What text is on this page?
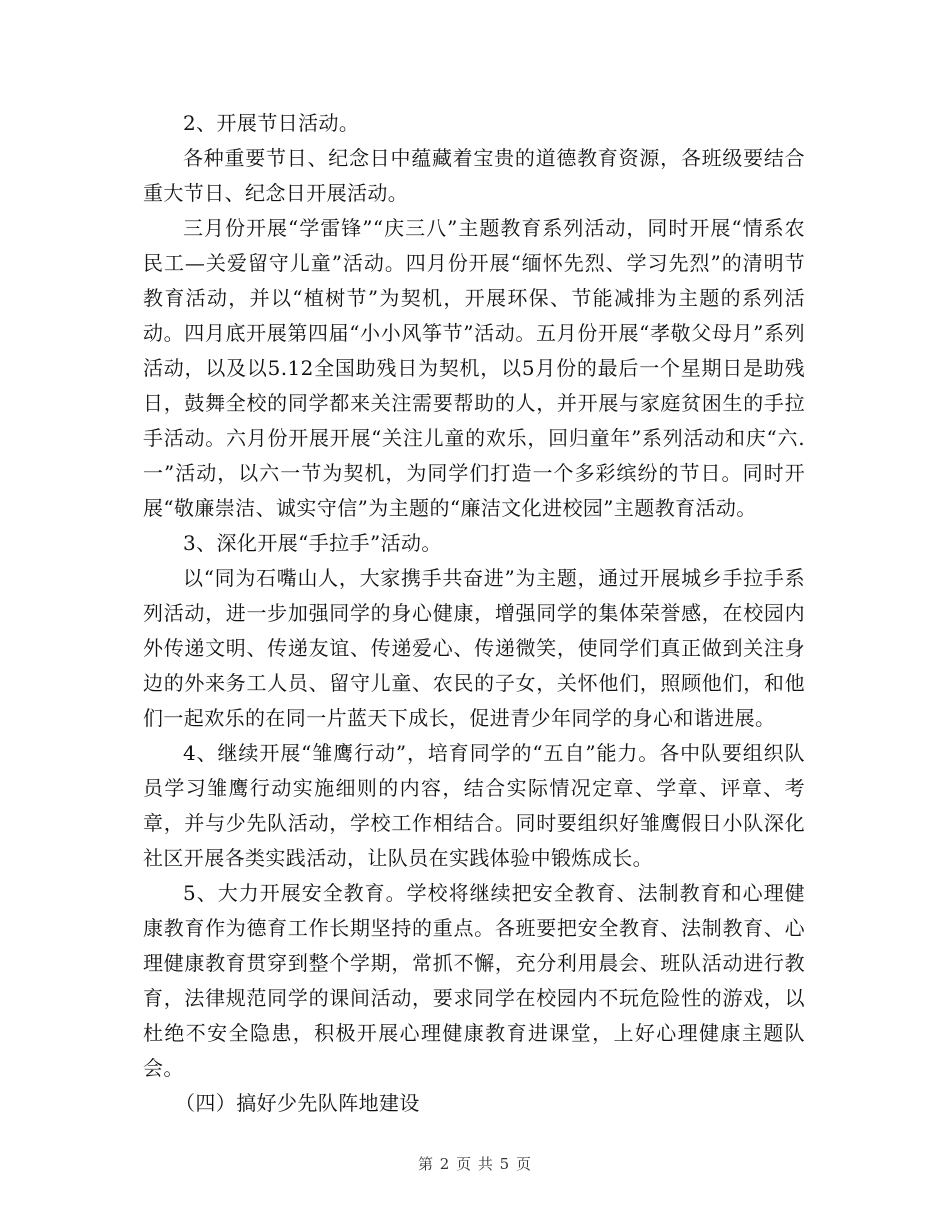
2、开展节日活动。

各种重要节日、纪念日中蕴藏着宝贵的道德教育资源，各班级要结合重大节日、纪念日开展活动。

三月份开展“学雷锋”“庆三八”主题教育系列活动，同时开展“情系农民工—关爱留守儿童”活动。四月份开展“缅怀先烈、学习先烈”的清明节教育活动，并以“植树节”为契机，开展环保、节能减排为主题的系列活动。四月底开展第四届“小小风筝节”活动。五月份开展“孝敬父母月”系列活动，以及以5.12全国助残日为契机，以5月份的最后一个星期日是助残日，鼓舞全校的同学都来关注需要帮助的人，并开展与家庭贫困生的手拉手活动。六月份开展开展“关注儿童的欢乐，回归童年”系列活动和庆“六.一”活动，以六一节为契机，为同学们打造一个多彩缤纷的节日。同时开展“敬廉崇洁、诚实守信”为主题的“廉洁文化进校园”主题教育活动。

3、深化开展“手拉手”活动。

以“同为石嘴山人，大家携手共奋进”为主题，通过开展城乡手拉手系列活动，进一步加强同学的身心健康，增强同学的集体荣誉感，在校园内外传递文明、传递友谊、传递爱心、传递微笑，使同学们真正做到关注身边的外来务工人员、留守儿童、农民的子女，关怀他们，照顾他们，和他们一起欢乐的在同一片蓝天下成长，促进青少年同学的身心和谐进展。

4、继续开展“雏鹰行动”，培育同学的“五自”能力。各中队要组织队员学习雏鹰行动实施细则的内容，结合实际情况定章、学章、评章、考章，并与少先队活动，学校工作相结合。同时要组织好雏鹰假日小队深化社区开展各类实践活动，让队员在实践体验中锻炼成长。

5、大力开展安全教育。学校将继续把安全教育、法制教育和心理健康教育作为德育工作长期坚持的重点。各班要把安全教育、法制教育、心理健康教育贯穿到整个学期，常抓不懈，充分利用晨会、班队活动进行教育，法律规范同学的课间活动，要求同学在校园内不玩危险性的游戏，以杜绝不安全隐患，积极开展心理健康教育进课堂，上好心理健康主题队会。

（四）搞好少先队阵地建设

第 2 页 共 5 页
